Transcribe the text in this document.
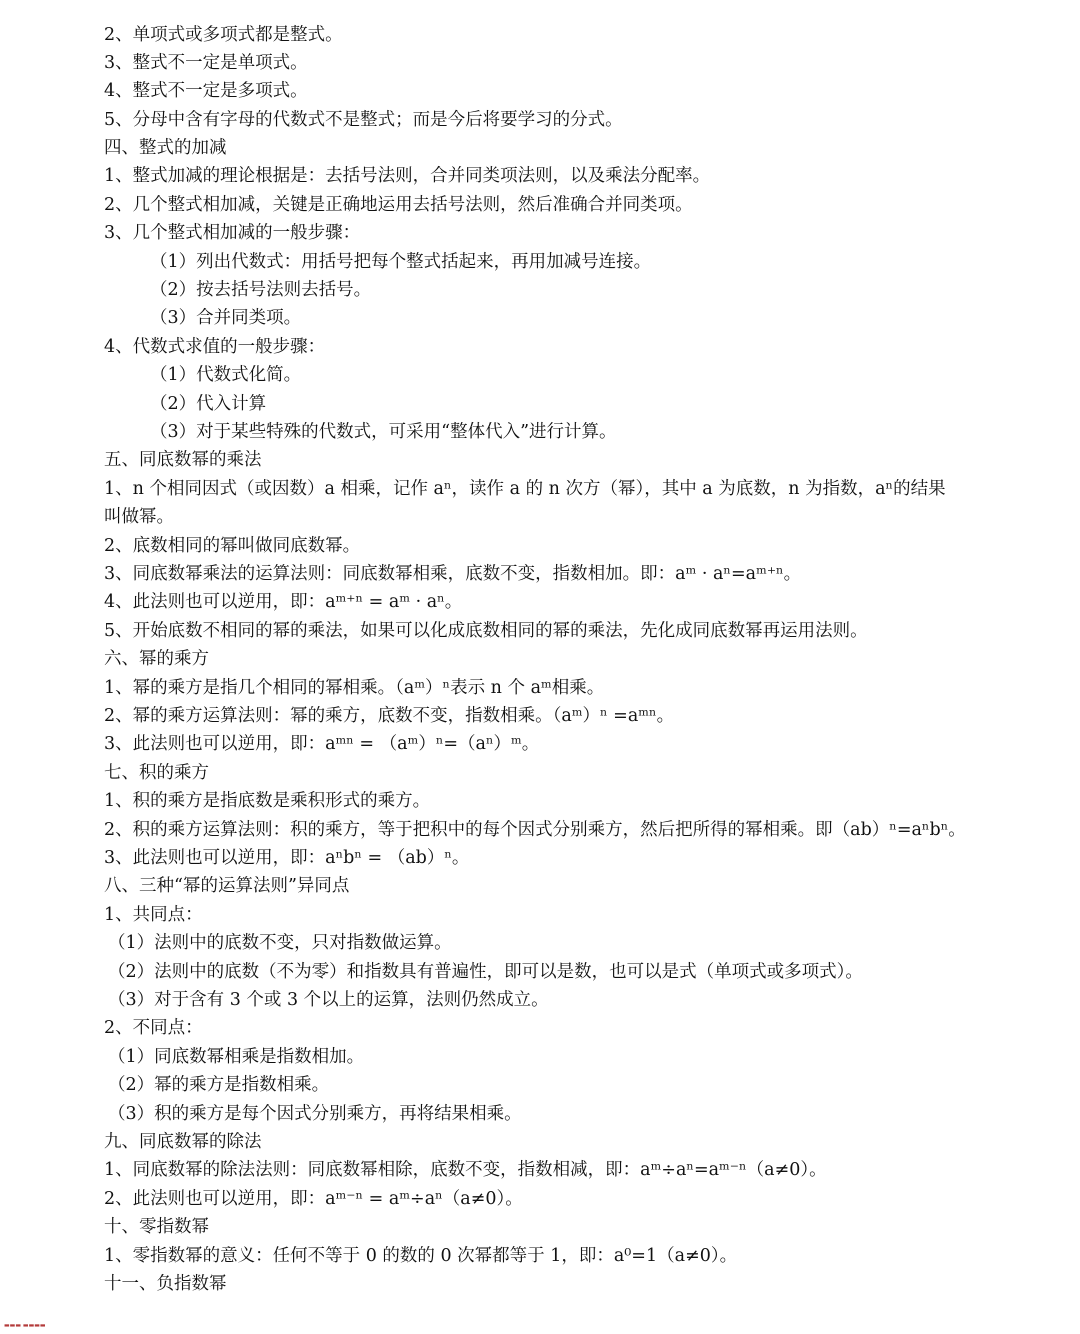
2、单项式或多项式都是整式。
3、整式不一定是单项式。
4、整式不一定是多项式。
5、分母中含有字母的代数式不是整式；而是今后将要学习的分式。
四、整式的加减
1、整式加减的理论根据是：去括号法则，合并同类项法则，以及乘法分配率。
2、几个整式相加减，关键是正确地运用去括号法则，然后准确合并同类项。
3、几个整式相加减的一般步骤：
（1）列出代数式：用括号把每个整式括起来，再用加减号连接。
（2）按去括号法则去括号。
（3）合并同类项。
4、代数式求值的一般步骤：
（1）代数式化简。
（2）代入计算
（3）对于某些特殊的代数式，可采用“整体代入”进行计算。
五、同底数幂的乘法
1、n 个相同因式（或因数）a 相乘，记作 aⁿ，读作 a 的 n 次方（幂），其中 a 为底数，n 为指数，aⁿ的结果
叫做幂。
2、底数相同的幂叫做同底数幂。
3、同底数幂乘法的运算法则：同底数幂相乘，底数不变，指数相加。即：aᵐ · aⁿ=aᵐ⁺ⁿ。
4、此法则也可以逆用，即：aᵐ⁺ⁿ = aᵐ · aⁿ。
5、开始底数不相同的幂的乘法，如果可以化成底数相同的幂的乘法，先化成同底数幂再运用法则。
六、幂的乘方
1、幂的乘方是指几个相同的幂相乘。（aᵐ）ⁿ表示 n 个 aᵐ相乘。
2、幂的乘方运算法则：幂的乘方，底数不变，指数相乘。（aᵐ）ⁿ =aᵐⁿ。
3、此法则也可以逆用，即：aᵐⁿ = （aᵐ）ⁿ=（aⁿ）ᵐ。
七、积的乘方
1、积的乘方是指底数是乘积形式的乘方。
2、积的乘方运算法则：积的乘方，等于把积中的每个因式分别乘方，然后把所得的幂相乘。即（ab）ⁿ=aⁿbⁿ。
3、此法则也可以逆用，即：aⁿbⁿ = （ab）ⁿ。
八、三种“幂的运算法则”异同点
1、共同点：
（1）法则中的底数不变，只对指数做运算。
（2）法则中的底数（不为零）和指数具有普遍性，即可以是数，也可以是式（单项式或多项式）。
（3）对于含有 3 个或 3 个以上的运算，法则仍然成立。
2、不同点：
（1）同底数幂相乘是指数相加。
（2）幂的乘方是指数相乘。
（3）积的乘方是每个因式分别乘方，再将结果相乘。
九、同底数幂的除法
1、同底数幂的除法法则：同底数幂相除，底数不变，指数相减，即：aᵐ÷aⁿ=aᵐ⁻ⁿ（a≠0）。
2、此法则也可以逆用，即：aᵐ⁻ⁿ = aᵐ÷aⁿ（a≠0）。
十、零指数幂
1、零指数幂的意义：任何不等于 0 的数的 0 次幂都等于 1，即：a⁰=1（a≠0）。
十一、负指数幂
▬▬▬ ▬▬▬▬
